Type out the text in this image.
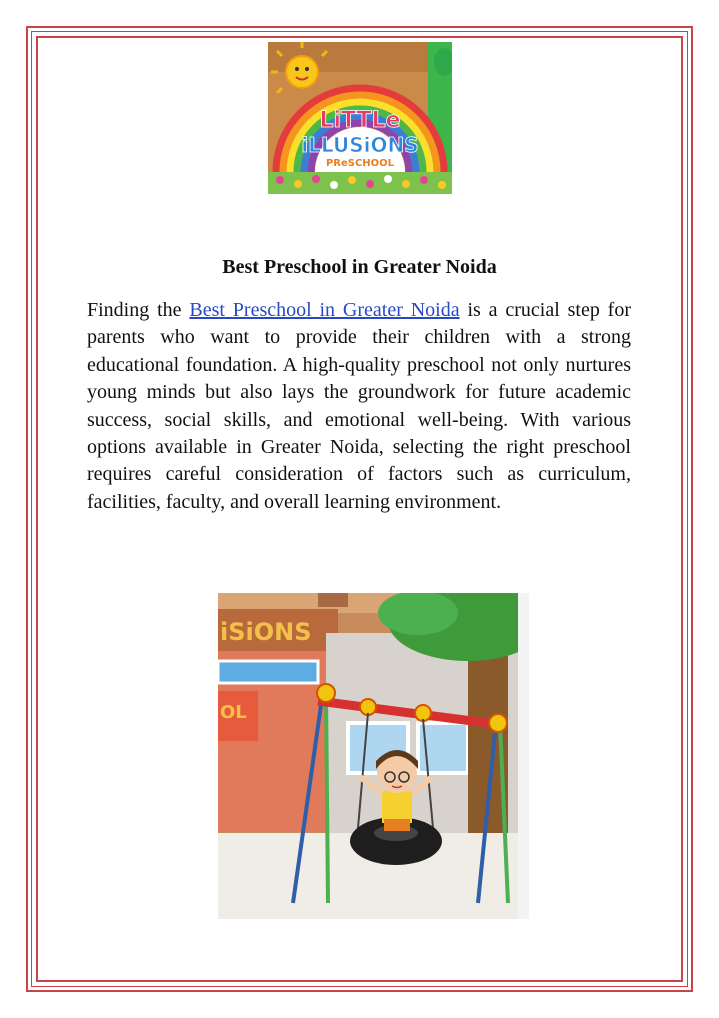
LiTTLe
iLLUSiONS
PReSCHOOL
Best Preschool in Greater Noida

Finding the Best Preschool in Greater Noida is a crucial step for parents who want to provide their children with a strong educational foundation. A high-quality preschool not only nurtures young minds but also lays the groundwork for future academic success, social skills, and emotional well-being. With various options available in Greater Noida, selecting the right preschool requires careful consideration of factors such as curriculum, facilities, faculty, and overall learning environment.

iSiONS
OL
